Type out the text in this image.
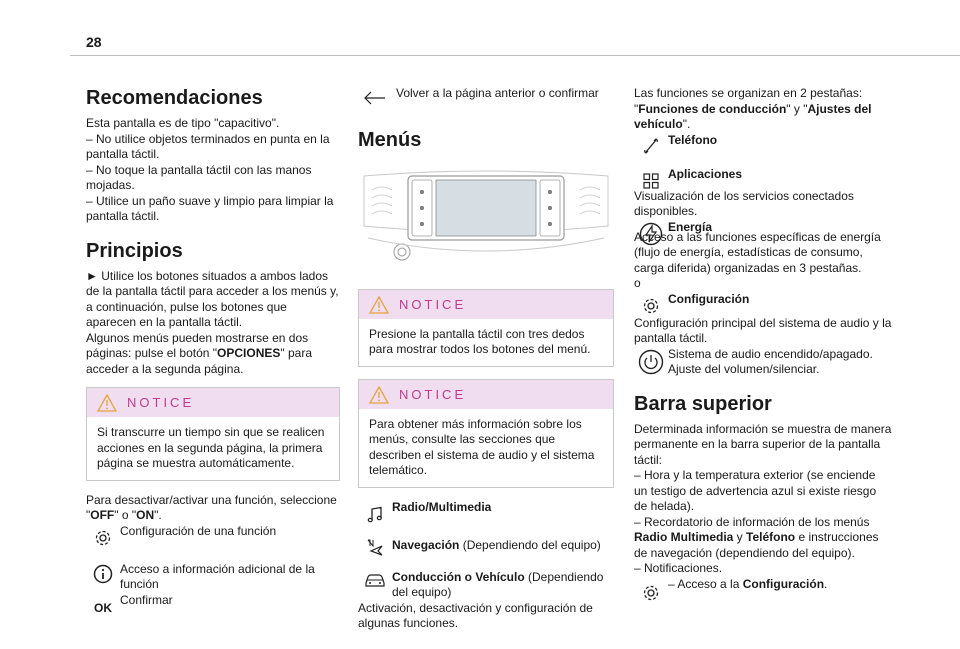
28
Recomendaciones

Esta pantalla es de tipo "capacitivo".

– No utilice objetos terminados en punta en la pantalla táctil.

– No toque la pantalla táctil con las manos mojadas.

– Utilice un paño suave y limpio para limpiar la pantalla táctil.

Principios

► Utilice los botones situados a ambos lados de la pantalla táctil para acceder a los menús y, a continuación, pulse los botones que aparecen en la pantalla táctil.

Algunos menús pueden mostrarse en dos páginas: pulse el botón "OPCIONES" para acceder a la segunda página.

NOTICE
Si transcurre un tiempo sin que se realicen acciones en la segunda página, la primera página se muestra automáticamente.

Para desactivar/activar una función, seleccione "OFF" o "ON".

Configuración de una función
Acceso a información adicional de la función
OK
Confirmar
Volver a la página anterior o confirmar
Menús
NOTICE
Presione la pantalla táctil con tres dedos para mostrar todos los botones del menú.
NOTICE
Para obtener más información sobre los menús, consulte las secciones que describen el sistema de audio y el sistema telemático.
Radio/Multimedia
Navegación (Dependiendo del equipo)
Conducción o Vehículo (Dependiendo del equipo)

Activación, desactivación y configuración de algunas funciones.

Las funciones se organizan en 2 pestañas: "Funciones de conducción" y "Ajustes del vehículo".

Teléfono
Aplicaciones

Visualización de los servicios conectados disponibles.

Energía

Acceso a las funciones específicas de energía (flujo de energía, estadísticas de consumo, carga diferida) organizadas en 3 pestañas.

o

Configuración

Configuración principal del sistema de audio y la pantalla táctil.

Sistema de audio encendido/apagado.
Ajuste del volumen/silenciar.
Barra superior

Determinada información se muestra de manera permanente en la barra superior de la pantalla táctil:

– Hora y la temperatura exterior (se enciende un testigo de advertencia azul si existe riesgo de helada).

– Recordatorio de información de los menús Radio Multimedia y Teléfono e instrucciones de navegación (dependiendo del equipo).

– Notificaciones.

– Acceso a la Configuración.
